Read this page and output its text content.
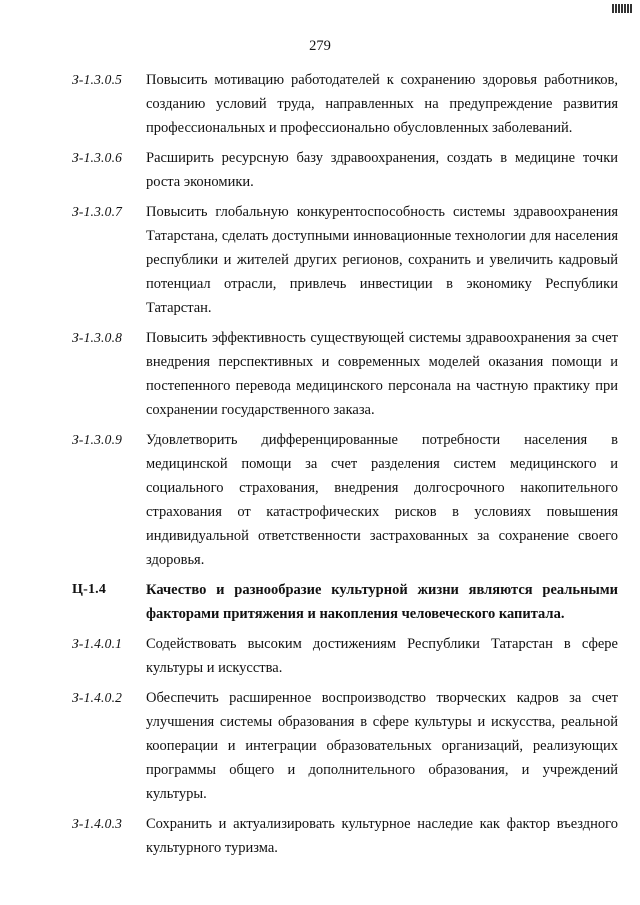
279
З-1.3.0.5	Повысить мотивацию работодателей к сохранению здоровья работников, созданию условий труда, направленных на предупреждение развития профессиональных и профессионально обусловленных заболеваний.
З-1.3.0.6	Расширить ресурсную базу здравоохранения, создать в медицине точки роста экономики.
З-1.3.0.7	Повысить глобальную конкурентоспособность системы здравоохранения Татарстана, сделать доступными инновационные технологии для населения республики и жителей других регионов, сохранить и увеличить кадровый потенциал отрасли, привлечь инвестиции в экономику Республики Татарстан.
З-1.3.0.8	Повысить эффективность существующей системы здравоохранения за счет внедрения перспективных и современных моделей оказания помощи и постепенного перевода медицинского персонала на частную практику при сохранении государственного заказа.
З-1.3.0.9	Удовлетворить дифференцированные потребности населения в медицинской помощи за счет разделения систем медицинского и социального страхования, внедрения долгосрочного накопительного страхования от катастрофических рисков в условиях повышения индивидуальной ответственности застрахованных за сохранение своего здоровья.
Ц-1.4	Качество и разнообразие культурной жизни являются реальными факторами притяжения и накопления человеческого капитала.
З-1.4.0.1	Содействовать высоким достижениям Республики Татарстан в сфере культуры и искусства.
З-1.4.0.2	Обеспечить расширенное воспроизводство творческих кадров за счет улучшения системы образования в сфере культуры и искусства, реальной кооперации и интеграции образовательных организаций, реализующих программы общего и дополнительного образования, и учреждений культуры.
З-1.4.0.3	Сохранить и актуализировать культурное наследие как фактор въездного культурного туризма.
